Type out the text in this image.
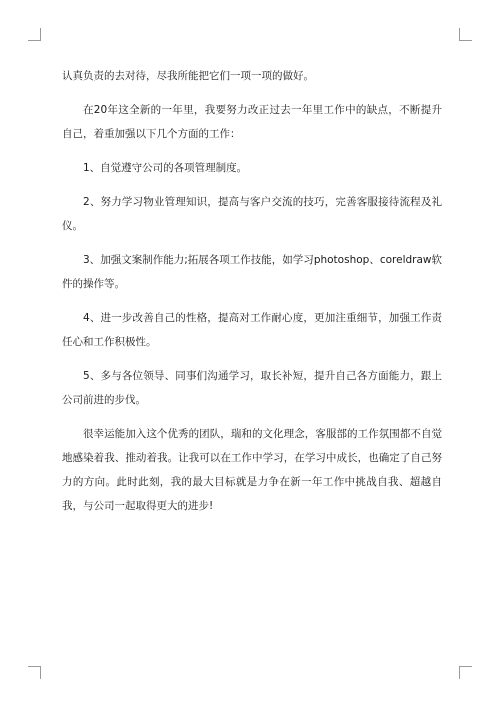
认真负责的去对待，尽我所能把它们一项一项的做好。

在20年这全新的一年里，我要努力改正过去一年里工作中的缺点，不断提升自己，着重加强以下几个方面的工作：

1、自觉遵守公司的各项管理制度。

2、努力学习物业管理知识，提高与客户交流的技巧，完善客服接待流程及礼仪。

3、加强文案制作能力;拓展各项工作技能，如学习photoshop、coreldraw软件的操作等。

4、进一步改善自己的性格，提高对工作耐心度，更加注重细节，加强工作责任心和工作积极性。

5、多与各位领导、同事们沟通学习，取长补短，提升自己各方面能力，跟上公司前进的步伐。

很幸运能加入这个优秀的团队，瑞和的文化理念，客服部的工作氛围都不自觉地感染着我、推动着我。让我可以在工作中学习，在学习中成长，也确定了自己努力的方向。此时此刻，我的最大目标就是力争在新一年工作中挑战自我、超越自我，与公司一起取得更大的进步!
